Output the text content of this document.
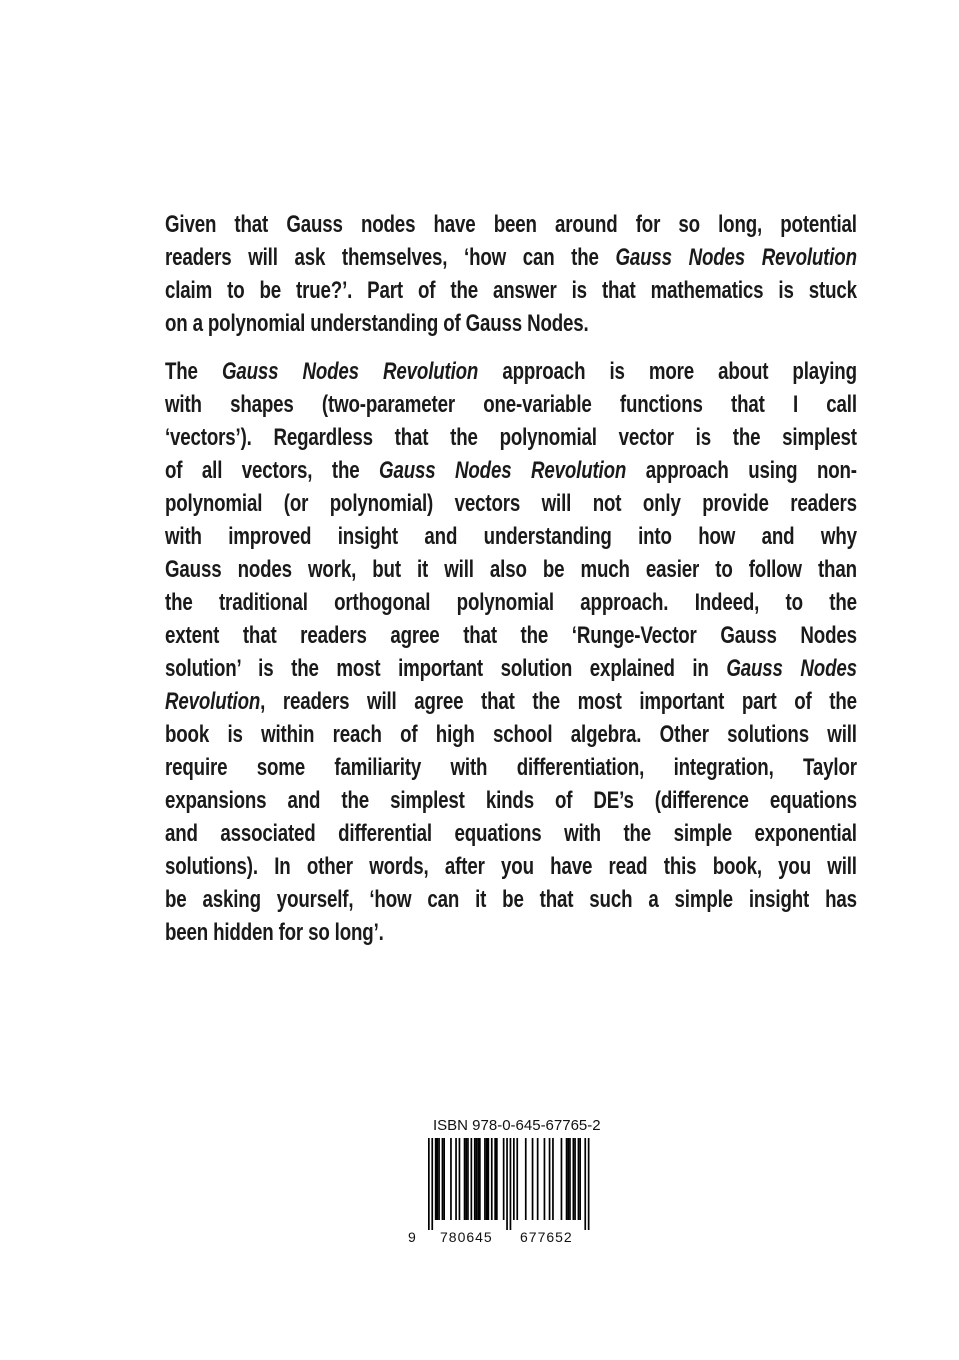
Given that Gauss nodes have been around for so long, potential
readers will ask themselves, ‘how can the Gauss Nodes Revolution
claim to be true?’. Part of the answer is that mathematics is stuck
on a polynomial understanding of Gauss Nodes.
The Gauss Nodes Revolution approach is more about playing
with shapes (two-parameter one-variable functions that I call
‘vectors’). Regardless that the polynomial vector is the simplest
of all vectors, the Gauss Nodes Revolution approach using non-
polynomial (or polynomial) vectors will not only provide readers
with improved insight and understanding into how and why
Gauss nodes work, but it will also be much easier to follow than
the traditional orthogonal polynomial approach. Indeed, to the
extent that readers agree that the ‘Runge-Vector Gauss Nodes
solution’ is the most important solution explained in Gauss Nodes
Revolution, readers will agree that the most important part of the
book is within reach of high school algebra. Other solutions will
require some familiarity with differentiation, integration, Taylor
expansions and the simplest kinds of DE’s (difference equations
and associated differential equations with the simple exponential
solutions). In other words, after you have read this book, you will
be asking yourself, ‘how can it be that such a simple insight has
been hidden for so long’.
ISBN 978-0-645-67765-2
9 780645 677652
